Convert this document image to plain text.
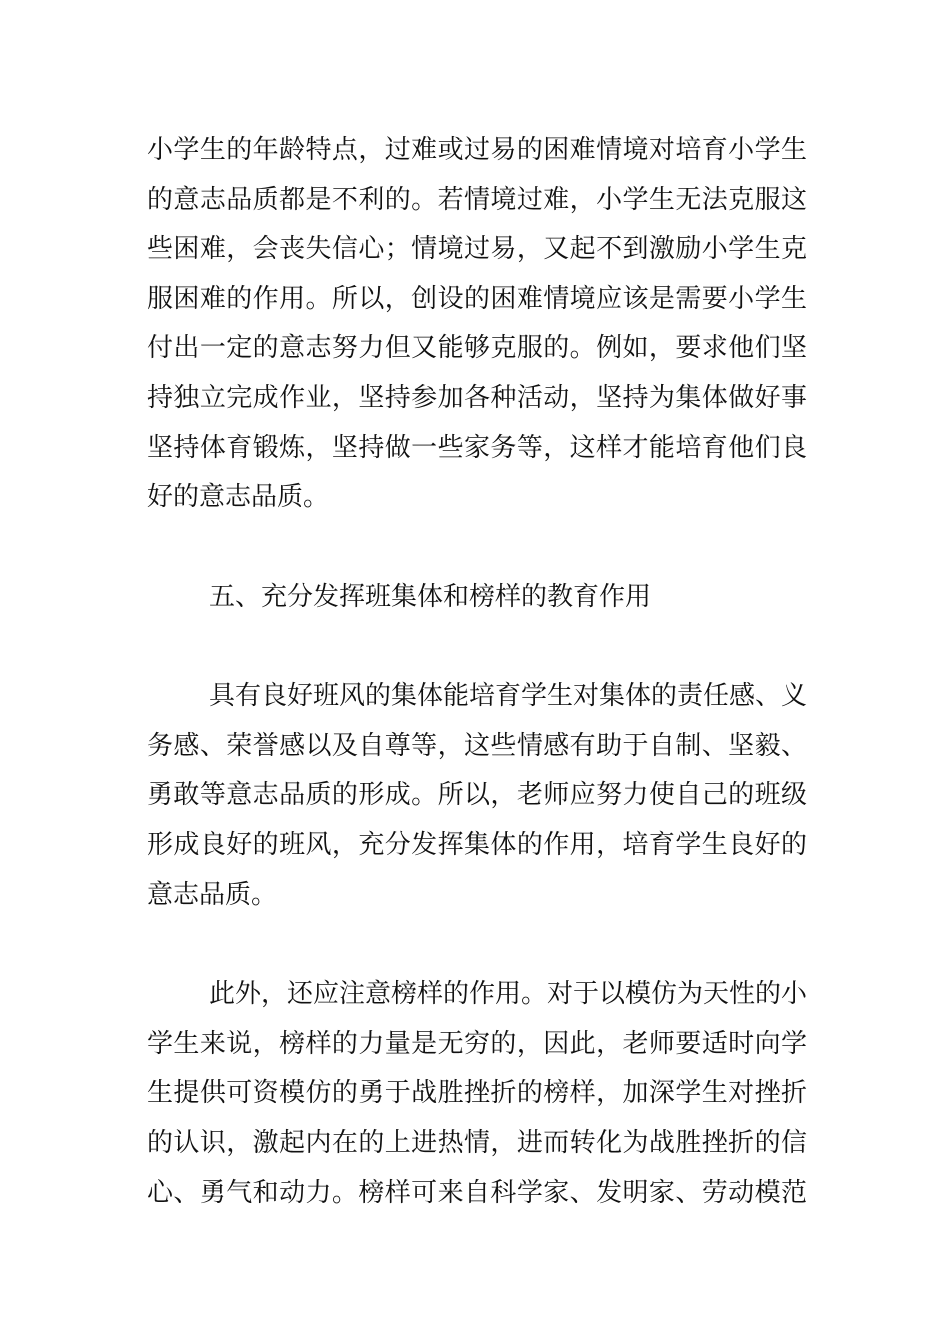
小学生的年龄特点，过难或过易的困难情境对培育小学生

的意志品质都是不利的。若情境过难，小学生无法克服这

些困难，会丧失信心；情境过易，又起不到激励小学生克

服困难的作用。所以，创设的困难情境应该是需要小学生

付出一定的意志努力但又能够克服的。例如，要求他们坚

持独立完成作业，坚持参加各种活动，坚持为集体做好事

坚持体育锻炼，坚持做一些家务等，这样才能培育他们良

好的意志品质。

五、充分发挥班集体和榜样的教育作用

具有良好班风的集体能培育学生对集体的责任感、义

务感、荣誉感以及自尊等，这些情感有助于自制、坚毅、

勇敢等意志品质的形成。所以，老师应努力使自己的班级

形成良好的班风，充分发挥集体的作用，培育学生良好的

意志品质。

此外，还应注意榜样的作用。对于以模仿为天性的小

学生来说，榜样的力量是无穷的，因此，老师要适时向学

生提供可资模仿的勇于战胜挫折的榜样，加深学生对挫折

的认识，激起内在的上进热情，进而转化为战胜挫折的信

心、勇气和动力。榜样可来自科学家、发明家、劳动模范
